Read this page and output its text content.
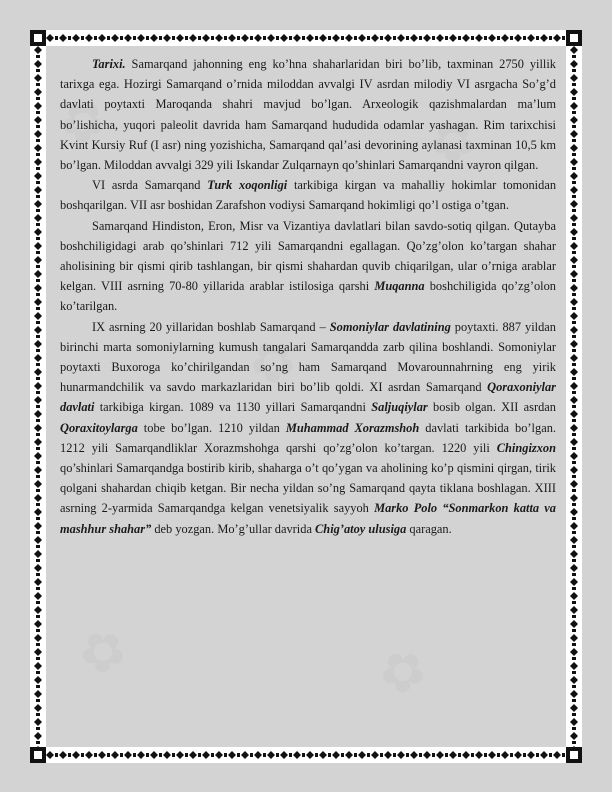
✿	✿
✿
✿	✿

Tarixi. Samarqand jahonning eng ko’hna shaharlaridan biri bo’lib, taxminan 2750 yillik tarixga ega. Hozirgi Samarqand o’rnida miloddan avvalgi IV asrdan milodiy VI asrgacha So’g’d davlati poytaxti Maroqanda shahri mavjud bo’lgan. Arxeologik qazishmalardan ma’lum bo’lishicha, yuqori paleolit davrida ham Samarqand hududida odamlar yashagan. Rim tarixchisi Kvint Kursiy Ruf (I asr) ning yozishicha, Samarqand qal’asi devorining aylanasi taxminan 10,5 km bo’lgan. Miloddan avvalgi 329 yili Iskandar Zulqarnayn qo’shinlari Samarqandni vayron qilgan.

VI asrda Samarqand Turk xoqonligi tarkibiga kirgan va mahalliy hokimlar tomonidan boshqarilgan. VII asr boshidan Zarafshon vodiysi Samarqand hokimligi qo’l ostiga o’tgan.

Samarqand Hindiston, Eron, Misr va Vizantiya davlatlari bilan savdo-sotiq qilgan. Qutayba boshchiligidagi arab qo’shinlari 712 yili Samarqandni egallagan. Qo’zg’olon ko’targan shahar aholisining bir qismi qirib tashlangan, bir qismi shahardan quvib chiqarilgan, ular o’rniga arablar kelgan. VIII asrning 70-80 yillarida arablar istilosiga qarshi Muqanna boshchiligida qo’zg’olon ko’tarilgan.

IX asrning 20 yillaridan boshlab Samarqand – Somoniylar davlatining poytaxti. 887 yildan birinchi marta somoniylarning kumush tangalari Samarqandda zarb qilina boshlandi. Somoniylar poytaxti Buxoroga ko’chirilgandan so’ng ham Samarqand Movarounnahrning eng yirik hunarmandchilik va savdo markazlaridan biri bo’lib qoldi. XI asrdan Samarqand Qoraxoniylar davlati tarkibiga kirgan. 1089 va 1130 yillari Samarqandni Saljuqiylar bosib olgan. XII asrdan Qoraxitoylarga tobe bo’lgan. 1210 yildan Muhammad Xorazmshoh davlati tarkibida bo’lgan. 1212 yili Samarqandliklar Xorazmshohga qarshi qo’zg’olon ko’targan. 1220 yili Chingizxon qo’shinlari Samarqandga bostirib kirib, shaharga o’t qo’ygan va aholining ko’p qismini qirgan, tirik qolgani shahardan chiqib ketgan. Bir necha yildan so’ng Samarqand qayta tiklana boshlagan. XIII asrning 2-yarmida Samarqandga kelgan venetsiyalik sayyoh Marko Polo “Sonmarkon katta va mashhur shahar” deb yozgan. Mo’g’ullar davrida Chig’atoy ulusiga qaragan.
